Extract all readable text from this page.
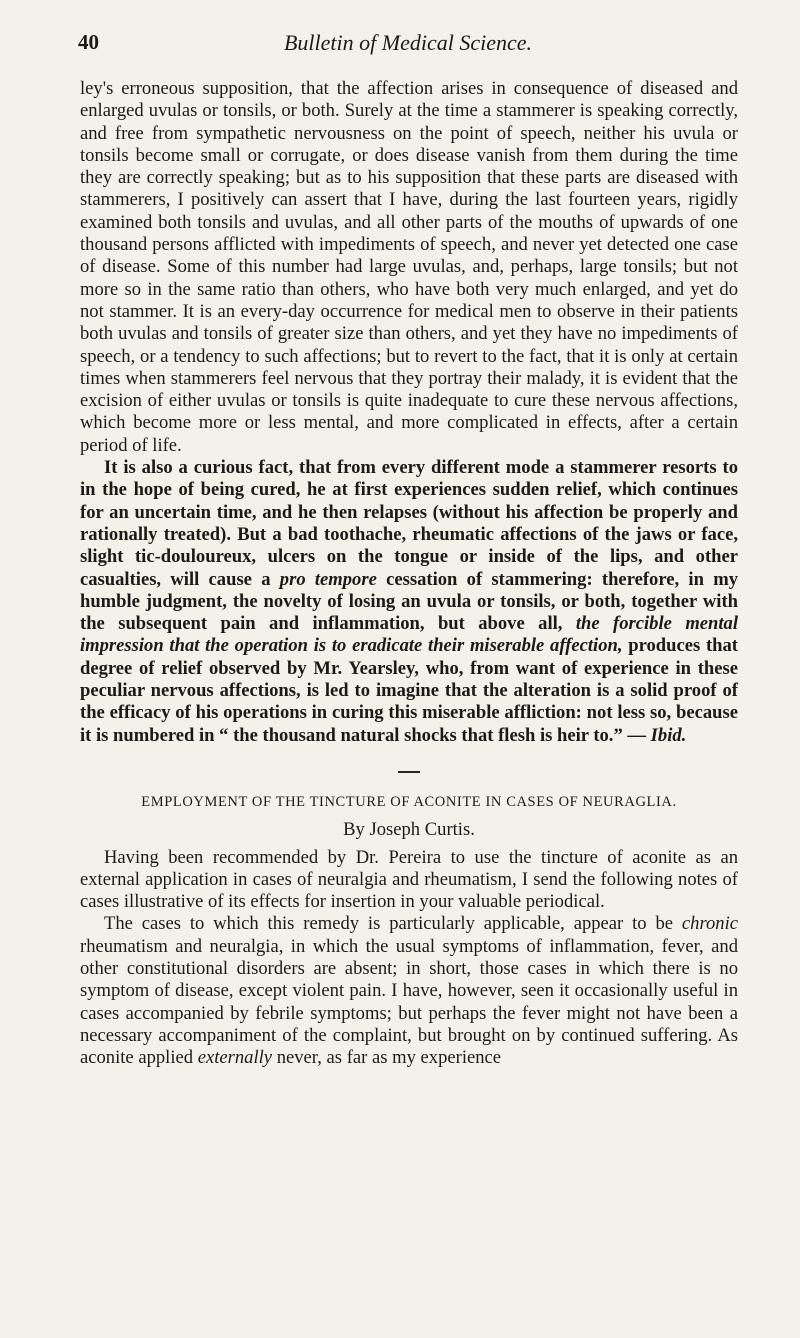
40	Bulletin of Medical Science.

ley's erroneous supposition, that the affection arises in consequence of diseased and enlarged uvulas or tonsils, or both. Surely at the time a stammerer is speaking correctly, and free from sympathetic nervousness on the point of speech, neither his uvula or tonsils become small or corrugate, or does disease vanish from them during the time they are correctly speaking; but as to his supposition that these parts are diseased with stammerers, I positively can assert that I have, during the last fourteen years, rigidly examined both tonsils and uvulas, and all other parts of the mouths of upwards of one thousand persons afflicted with impediments of speech, and never yet detected one case of disease. Some of this number had large uvulas, and, perhaps, large tonsils; but not more so in the same ratio than others, who have both very much enlarged, and yet do not stammer. It is an every-day occurrence for medical men to observe in their patients both uvulas and tonsils of greater size than others, and yet they have no impediments of speech, or a tendency to such affections; but to revert to the fact, that it is only at certain times when stammerers feel nervous that they portray their malady, it is evident that the excision of either uvulas or tonsils is quite inadequate to cure these nervous affections, which become more or less mental, and more complicated in effects, after a certain period of life.

It is also a curious fact, that from every different mode a stammerer resorts to in the hope of being cured, he at first experiences sudden relief, which continues for an uncertain time, and he then relapses (without his affection be properly and rationally treated). But a bad toothache, rheumatic affections of the jaws or face, slight tic-douloureux, ulcers on the tongue or inside of the lips, and other casualties, will cause a pro tempore cessation of stammering: therefore, in my humble judgment, the novelty of losing an uvula or tonsils, or both, together with the subsequent pain and inflammation, but above all, the forcible mental impression that the operation is to eradicate their miserable affection, produces that degree of relief observed by Mr. Yearsley, who, from want of experience in these peculiar nervous affections, is led to imagine that the alteration is a solid proof of the efficacy of his operations in curing this miserable affliction: not less so, because it is numbered in “ the thousand natural shocks that flesh is heir to.” — Ibid.

EMPLOYMENT OF THE TINCTURE OF ACONITE IN CASES OF NEURAGLIA.
By Joseph Curtis.

Having been recommended by Dr. Pereira to use the tincture of aconite as an external application in cases of neuralgia and rheumatism, I send the following notes of cases illustrative of its effects for insertion in your valuable periodical.

The cases to which this remedy is particularly applicable, appear to be chronic rheumatism and neuralgia, in which the usual symptoms of inflammation, fever, and other constitutional disorders are absent; in short, those cases in which there is no symptom of disease, except violent pain. I have, however, seen it occasionally useful in cases accompanied by febrile symptoms; but perhaps the fever might not have been a necessary accompaniment of the complaint, but brought on by continued suffering. As aconite applied externally never, as far as my experience
